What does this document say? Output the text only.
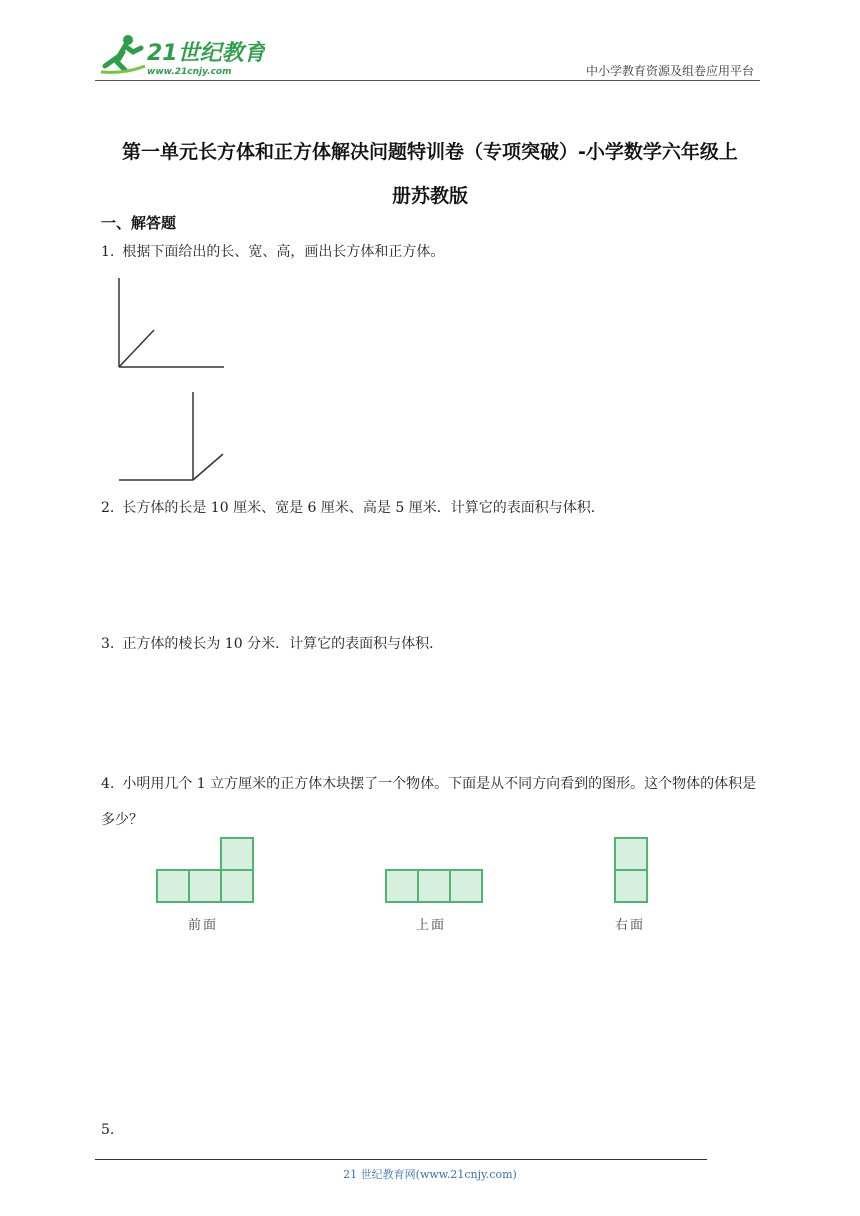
21世纪教育
www.21cnjy.com	中小学教育资源及组卷应用平台
第一单元长方体和正方体解决问题特训卷（专项突破）-小学数学六年级上
册苏教版
一、解答题
1. 根据下面给出的长、宽、高，画出长方体和正方体。
2. 长方体的长是 10 厘米、宽是 6 厘米、高是 5 厘米．计算它的表面积与体积．
3. 正方体的棱长为 10 分米．计算它的表面积与体积．
4. 小明用几个 1 立方厘米的正方体木块摆了一个物体。下面是从不同方向看到的图形。这个物体的体积是多少？
前面	上面	右面
5.
21 世纪教育网(www.21cnjy.com)
